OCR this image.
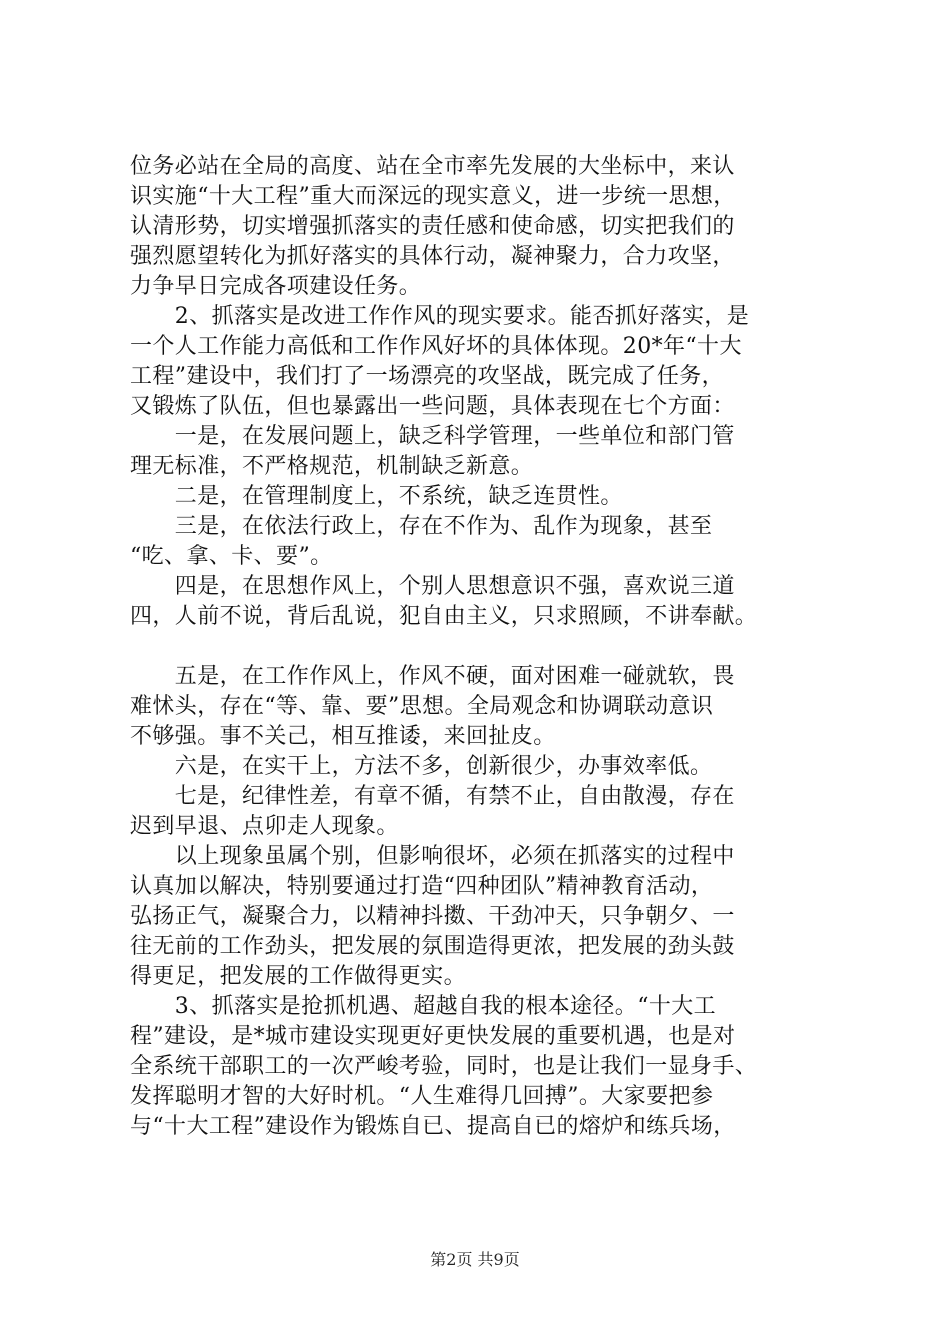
位务必站在全局的高度、站在全市率先发展的大坐标中，来认
识实施“十大工程”重大而深远的现实意义，进一步统一思想，
认清形势，切实增强抓落实的责任感和使命感，切实把我们的
强烈愿望转化为抓好落实的具体行动，凝神聚力，合力攻坚，
力争早日完成各项建设任务。
　　2、抓落实是改进工作作风的现实要求。能否抓好落实，是
一个人工作能力高低和工作作风好坏的具体体现。20*年“十大
工程”建设中，我们打了一场漂亮的攻坚战，既完成了任务，
又锻炼了队伍，但也暴露出一些问题，具体表现在七个方面：
　　一是，在发展问题上，缺乏科学管理，一些单位和部门管
理无标准，不严格规范，机制缺乏新意。
　　二是，在管理制度上，不系统，缺乏连贯性。
　　三是，在依法行政上，存在不作为、乱作为现象，甚至
“吃、拿、卡、要”。
　　四是，在思想作风上，个别人思想意识不强，喜欢说三道
四，人前不说，背后乱说，犯自由主义，只求照顾，不讲奉献。
　　五是，在工作作风上，作风不硬，面对困难一碰就软，畏
难怵头，存在“等、靠、要”思想。全局观念和协调联动意识
不够强。事不关己，相互推诿，来回扯皮。
　　六是，在实干上，方法不多，创新很少，办事效率低。
　　七是，纪律性差，有章不循，有禁不止，自由散漫，存在
迟到早退、点卯走人现象。
　　以上现象虽属个别，但影响很坏，必须在抓落实的过程中
认真加以解决，特别要通过打造“四种团队”精神教育活动，
弘扬正气，凝聚合力，以精神抖擞、干劲冲天，只争朝夕、一
往无前的工作劲头，把发展的氛围造得更浓，把发展的劲头鼓
得更足，把发展的工作做得更实。
　　3、抓落实是抢抓机遇、超越自我的根本途径。“十大工
程”建设，是*城市建设实现更好更快发展的重要机遇，也是对
全系统干部职工的一次严峻考验，同时，也是让我们一显身手、
发挥聪明才智的大好时机。“人生难得几回搏”。大家要把参
与“十大工程”建设作为锻炼自已、提高自已的熔炉和练兵场，
第2页 共9页
